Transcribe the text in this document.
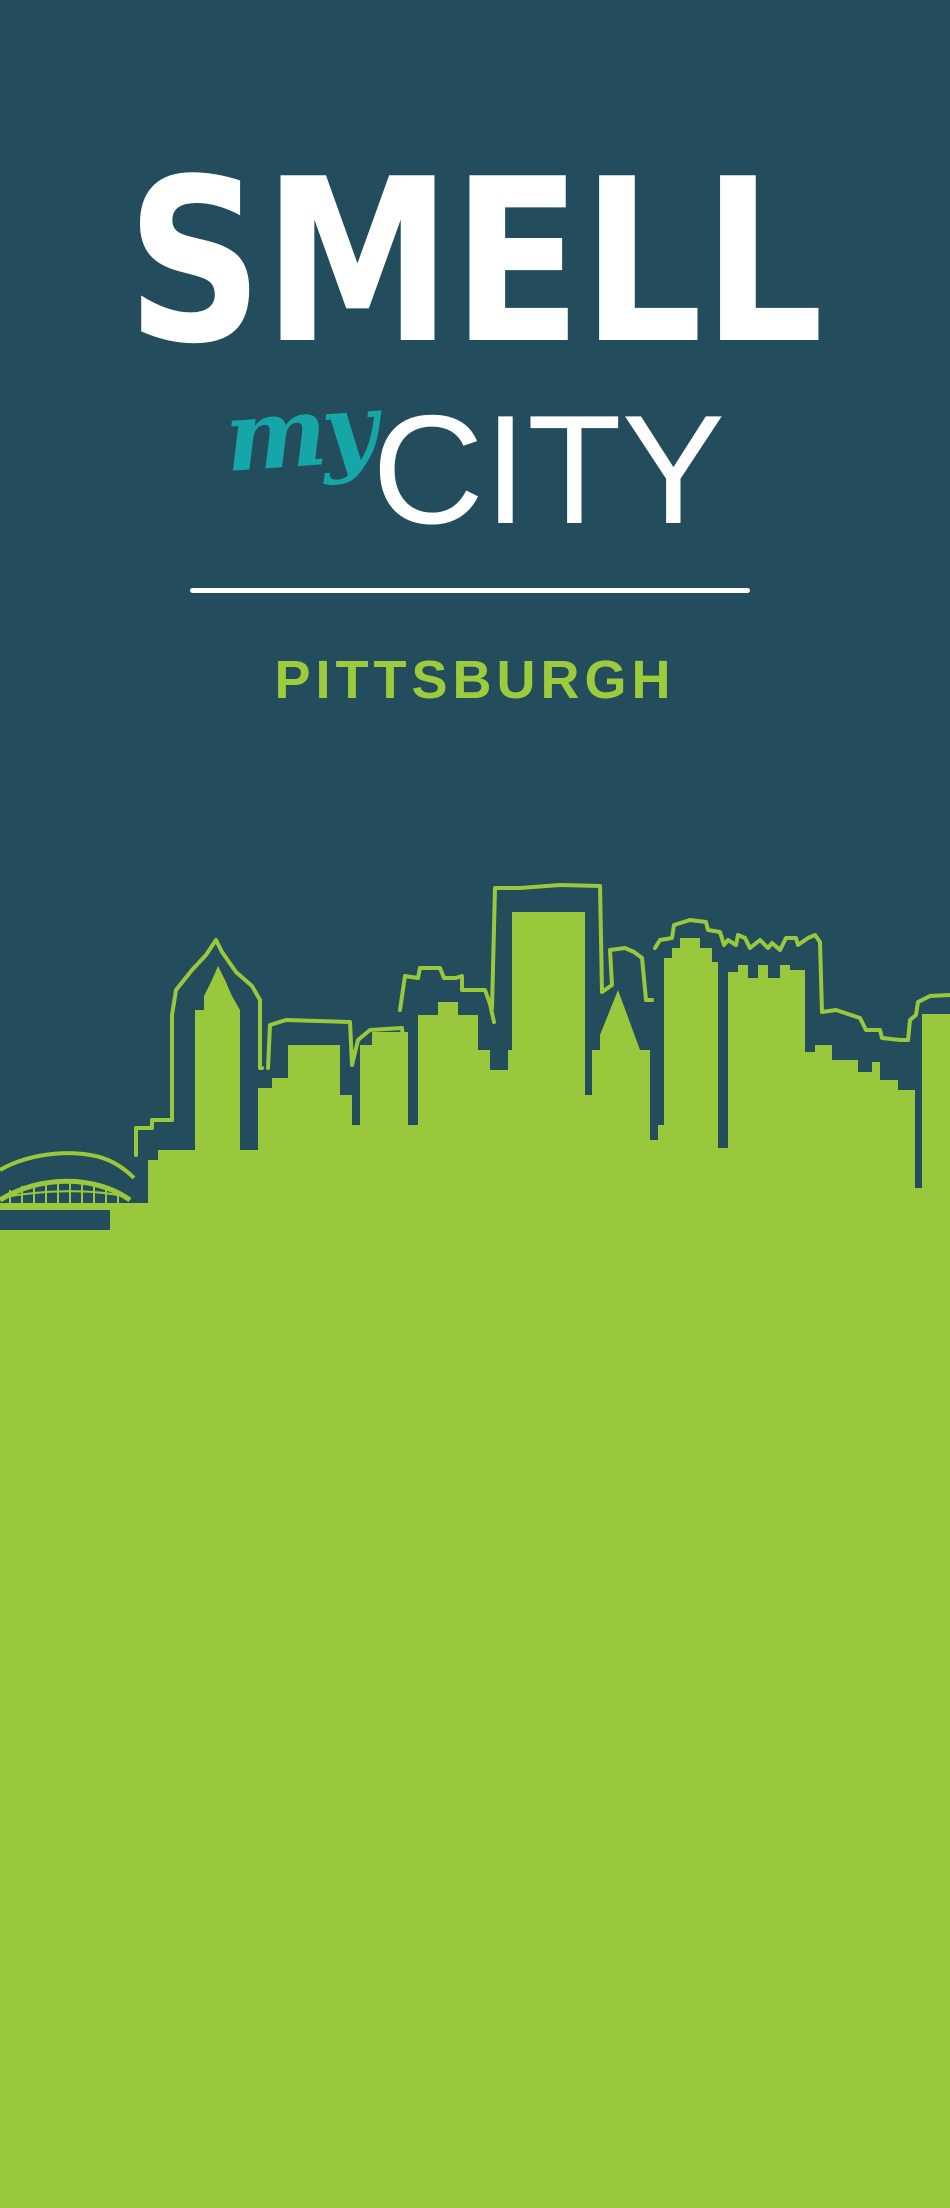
SMELL
my
CITY
PITTSBURGH
